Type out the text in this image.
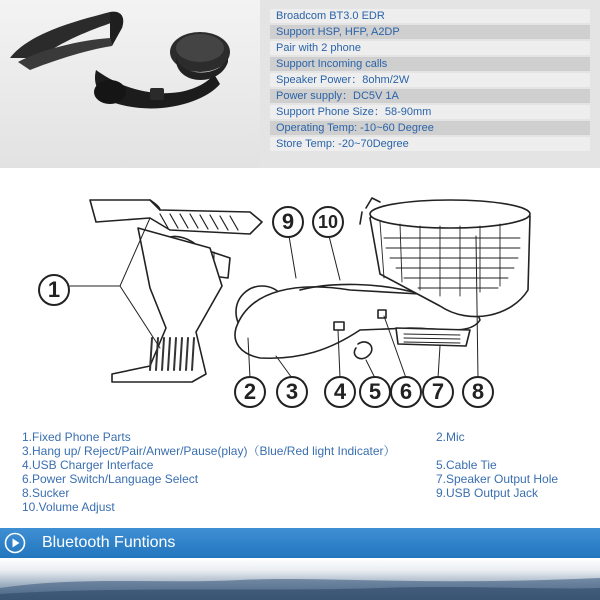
Broadcom BT3.0 EDR
Support HSP, HFP, A2DP
Pair with 2 phone
Support Incoming calls
Speaker Power：8ohm/2W
Power supply：DC5V 1A
Support Phone Size：58-90mm
Operating Temp: -10~60 Degree
Store Temp: -20~70Degree
1
9	10
2	3	4	5 6 7	8
1.Fixed Phone Parts	2.Mic
3.Hang up/ Reject/Pair/Anwer/Pause(play)（Blue/Red light Indicater）
4.USB Charger Interface	5.Cable Tie
6.Power Switch/Language Select	7.Speaker Output Hole
8.Sucker	9.USB Output Jack
10.Volume Adjust
Bluetooth Funtions
